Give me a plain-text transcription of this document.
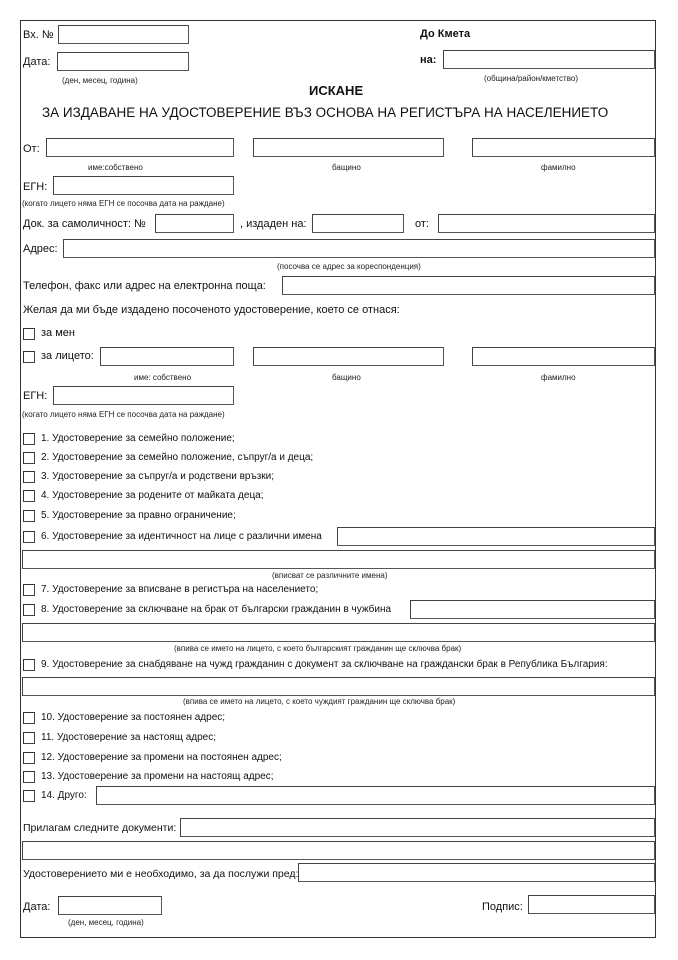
Вх. №
Дата:
(ден, месец, година)
До Кмета
на:
(община/район/кметство)
ИСКАНЕ
ЗА ИЗДАВАНЕ НА УДОСТОВЕРЕНИЕ ВЪЗ ОСНОВА НА РЕГИСТЪРА НА НАСЕЛЕНИЕТО
От:
име:собствено	бащино	фамилно
ЕГН:
(когато лицето няма ЕГН се посочва дата на раждане)
Док. за самоличност: №	, издаден на:	от:
Адрес:
(посочва се адрес за кореспонденция)
Телефон, факс или адрес на електронна поща:
Желая да ми бъде издадено посоченото удостоверение, което се отнася:
за мен
за лицето:
име: собствено	бащино	фамилно
ЕГН:
(когато лицето няма ЕГН се посочва дата на раждане)
1. Удостоверение за семейно положение;
2. Удостоверение за семейно положение, съпруг/а и деца;
3. Удостоверение за съпруг/а и родствени връзки;
4. Удостоверение за родените от майката деца;
5. Удостоверение за правно ограничение;
6. Удостоверение за идентичност на лице с различни имена
(вписват се различните имена)
7. Удостоверение за вписване в регистъра на населението;
8. Удостоверение за сключване на брак от български гражданин в чужбина
(впива се името на лицето, с което българският гражданин ще сключва брак)
9. Удостоверение за снабдяване на чужд гражданин с документ за сключване на граждански брак в Република България:
(впива се името на лицето, с което чуждият гражданин ще сключва брак)
10. Удостоверение за постоянен адрес;
11. Удостоверение за настоящ адрес;
12. Удостоверение за промени на постоянен адрес;
13. Удостоверение за промени на настоящ адрес;
14. Друго:
Прилагам следните документи:
Удостоверението ми е необходимо, за да послужи пред:
Дата:
(ден, месец, година)
Подпис:
